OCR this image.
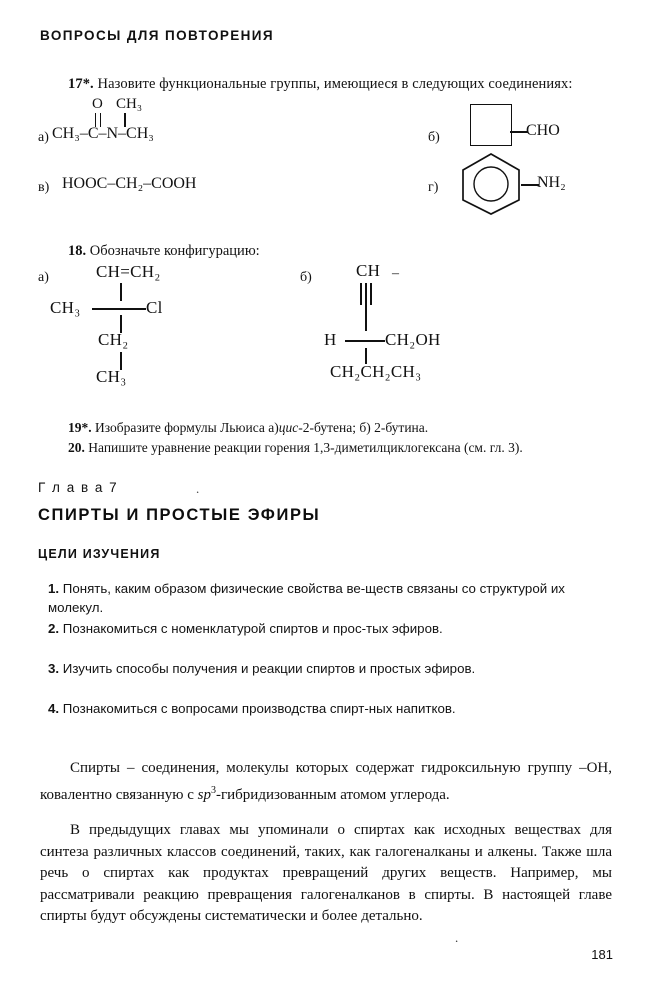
ВОПРОСЫ ДЛЯ ПОВТОРЕНИЯ
17*. Назовите функциональные группы, имеющиеся в следующих соединениях:
а)
O CH₃
CH₃–C–N–CH₃	б)	CHO
в) HOOC–CH₂–COOH	г)	NH₂
18. Обозначьте конфигурацию:
а)	CH=CH₂
CH₃	Cl
CH₂
CH₃
б)	CH –
H	CH₂OH
CH₂CH₂CH₃
19*. Изобразите формулы Льюиса а)цис-2-бутена; б) 2-бутина.
20. Напишите уравнение реакции горения 1,3-диметилциклогексана (см. гл. 3).
Г л а в а 7	.
СПИРТЫ И ПРОСТЫЕ ЭФИРЫ
ЦЕЛИ ИЗУЧЕНИЯ
1. Понять, каким образом физические свойства ве-ществ связаны со структурой их молекул.
2. Познакомиться с номенклатурой спиртов и прос-тых эфиров.
3. Изучить способы получения и реакции спиртов и простых эфиров.
4. Познакомиться с вопросами производства спирт-ных напитков.
Спирты – соединения, молекулы которых содержат гидроксильную группу –OH, ковалентно связанную с $sp^3$-гибридизованным атомом углерода.
В предыдущих главах мы упоминали о спиртах как исходных веществах для синтеза различных классов соединений, таких, как галогеналканы и алкены. Также шла речь о спиртах как продуктах превращений других веществ. Например, мы рассматривали реакцию превращения галогеналканов в спирты. В настоящей главе спирты будут обсуждены систематически и более детально.
.
181
